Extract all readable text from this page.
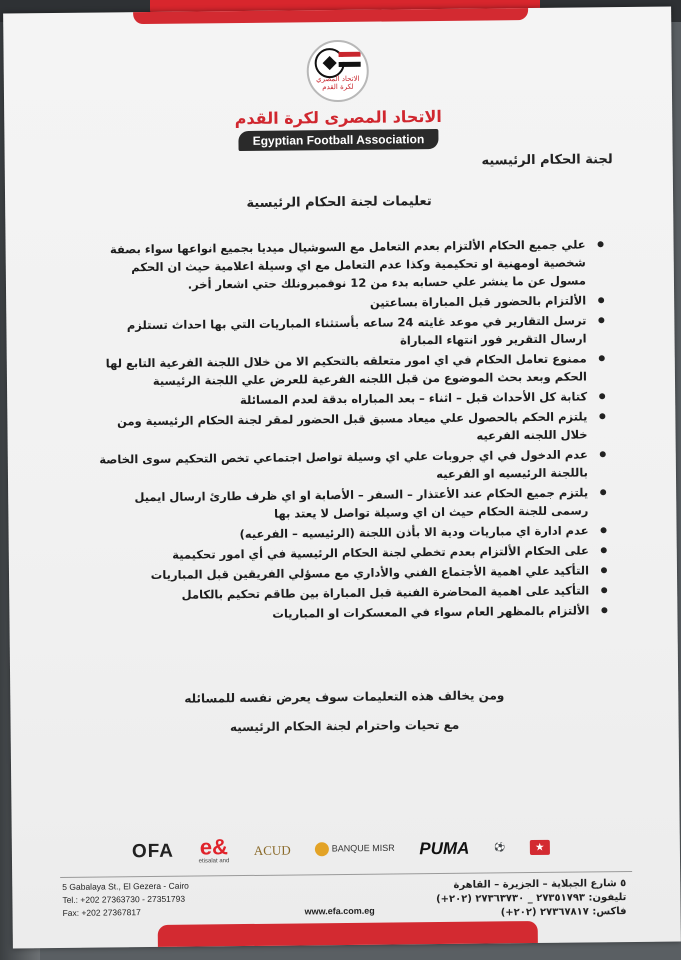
الاتحاد المصري لكرة القدم
الاتحاد المصرى لكرة القدم
Egyptian Football Association
لجنة الحكام الرئيسيه
تعليمات لجنة الحكام الرئيسية
علي جميع الحكام الألتزام بعدم التعامل مع السوشيال ميديا بجميع انواعها سواء بصفة شخصية اومهنية او تحكيمية وكذا عدم التعامل مع اي وسيلة اعلامية حيث ان الحكم مسول عن ما ينشر علي حسابه بدء من 12 نوفمبرونلك حتي اشعار أخر.
الألتزام بالحضور قبل المباراة بساعتين
ترسل التقارير في موعد غايته 24 ساعه بأستثناء المباريات التي بها احداث تستلزم ارسال التقرير فور انتهاء المباراة
ممنوع تعامل الحكام في اي امور متعلقه بالتحكيم الا من خلال اللجنة الفرعية التابع لها الحكم وبعد بحث الموضوع من قبل اللجنه الفرعية للعرض علي اللجنة الرئيسية
كتابة كل الأحداث قبل – اثناء – بعد المباراه بدقة لعدم المسائلة
يلتزم الحكم بالحصول علي ميعاد مسبق قبل الحضور لمقر لجنة الحكام الرئيسية ومن خلال اللجنه الفرعيه
عدم الدخول في اي جروبات علي اي وسيلة تواصل اجتماعي تخص التحكيم سوى الخاصة باللجنة الرئيسيه او الفرعيه
يلتزم جميع الحكام عند الأعتذار – السفر – الأصابة او اي ظرف طارئ ارسال ايميل رسمى للجنة الحكام حيث ان اي وسيلة تواصل لا يعتد بها
عدم ادارة اي مباريات ودية الا بأذن اللجنة (الرئيسيه – الفرعيه)
على الحكام الألتزام بعدم تخطي لجنة الحكام الرئيسية في أي امور تحكيمية
التأكيد علي اهمية الأجتماع الفني والأداري مع مسؤلي الفريقين قبل المباريات
التأكيد على اهمية المحاضرة الفنية قبل المباراة بين طاقم تحكيم بالكامل
الألتزام بالمظهر العام سواء في المعسكرات او المباريات
ومن يخالف هذه التعليمات سوف يعرض نفسه للمسائله
مع تحيات واحترام لجنة الحكام الرئيسيه
OFA e&
etisalat and
ACUD	BANQUE MISR PUMA	⚽	★
5 Gabalaya St., El Gezera - Cairo
Tel.: +202 27363730 - 27351793
Fax: +202 27367817	www.efa.com.eg
٥ شارع الجبلاية – الجزيرة – القاهرة
تليفون: ٢٧٣٥١٧٩٣ _ ٢٧٣٦٣٧٣٠ (٢٠٢+)
فاكس: ٢٧٣٦٧٨١٧ (٢٠٢+)
